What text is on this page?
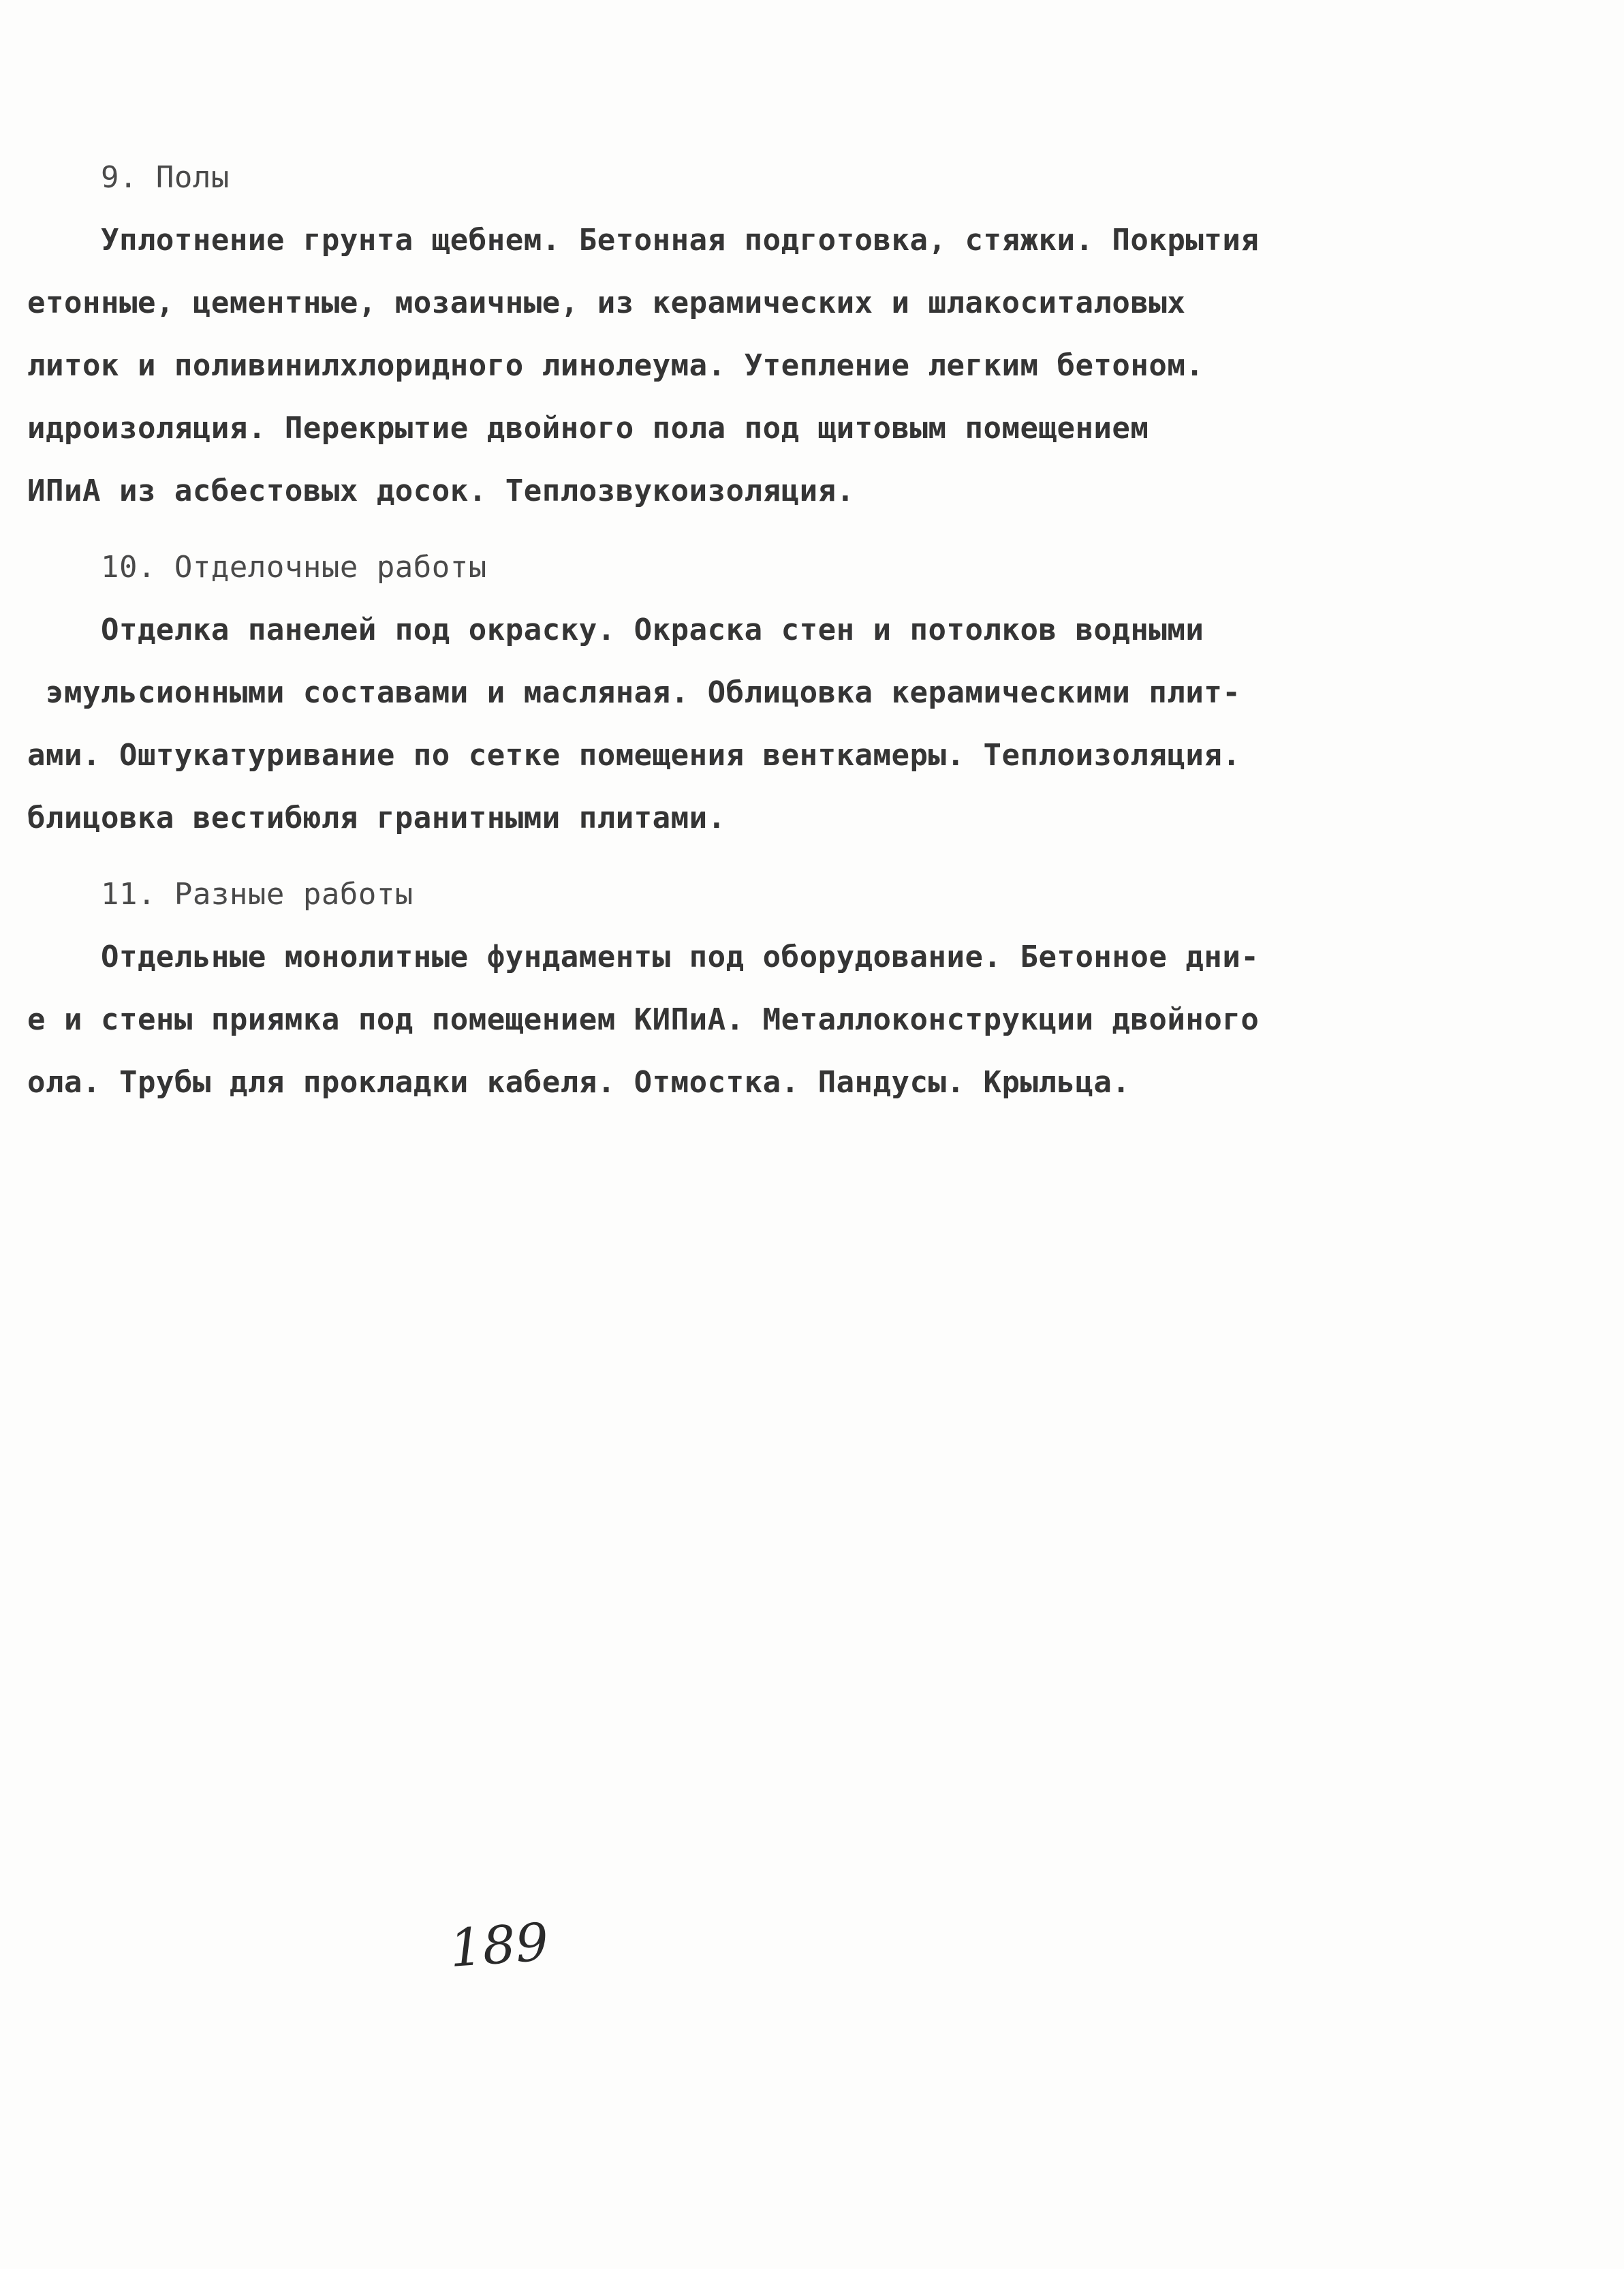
9. Полы

Уплотнение грунта щебнем. Бетонная подготовка, стяжки. Покрытия

етонные, цементные, мозаичные, из керамических и шлакоситаловых

литок и поливинилхлоридного линолеума. Утепление легким бетоном.

идроизоляция. Перекрытие двойного пола под щитовым помещением

ИПиА из асбестовых досок. Теплозвукоизоляция.

10. Отделочные работы

Отделка панелей под окраску. Окраска стен и потолков водными

эмульсионными составами и масляная. Облицовка керамическими плит-

ами. Оштукатуривание по сетке помещения венткамеры. Теплоизоляция.

блицовка вестибюля гранитными плитами.

11. Разные работы

Отдельные монолитные фундаменты под оборудование. Бетонное дни-

е и стены приямка под помещением КИПиА. Металлоконструкции двойного

ола. Трубы для прокладки кабеля. Отмостка. Пандусы. Крыльца.

189
